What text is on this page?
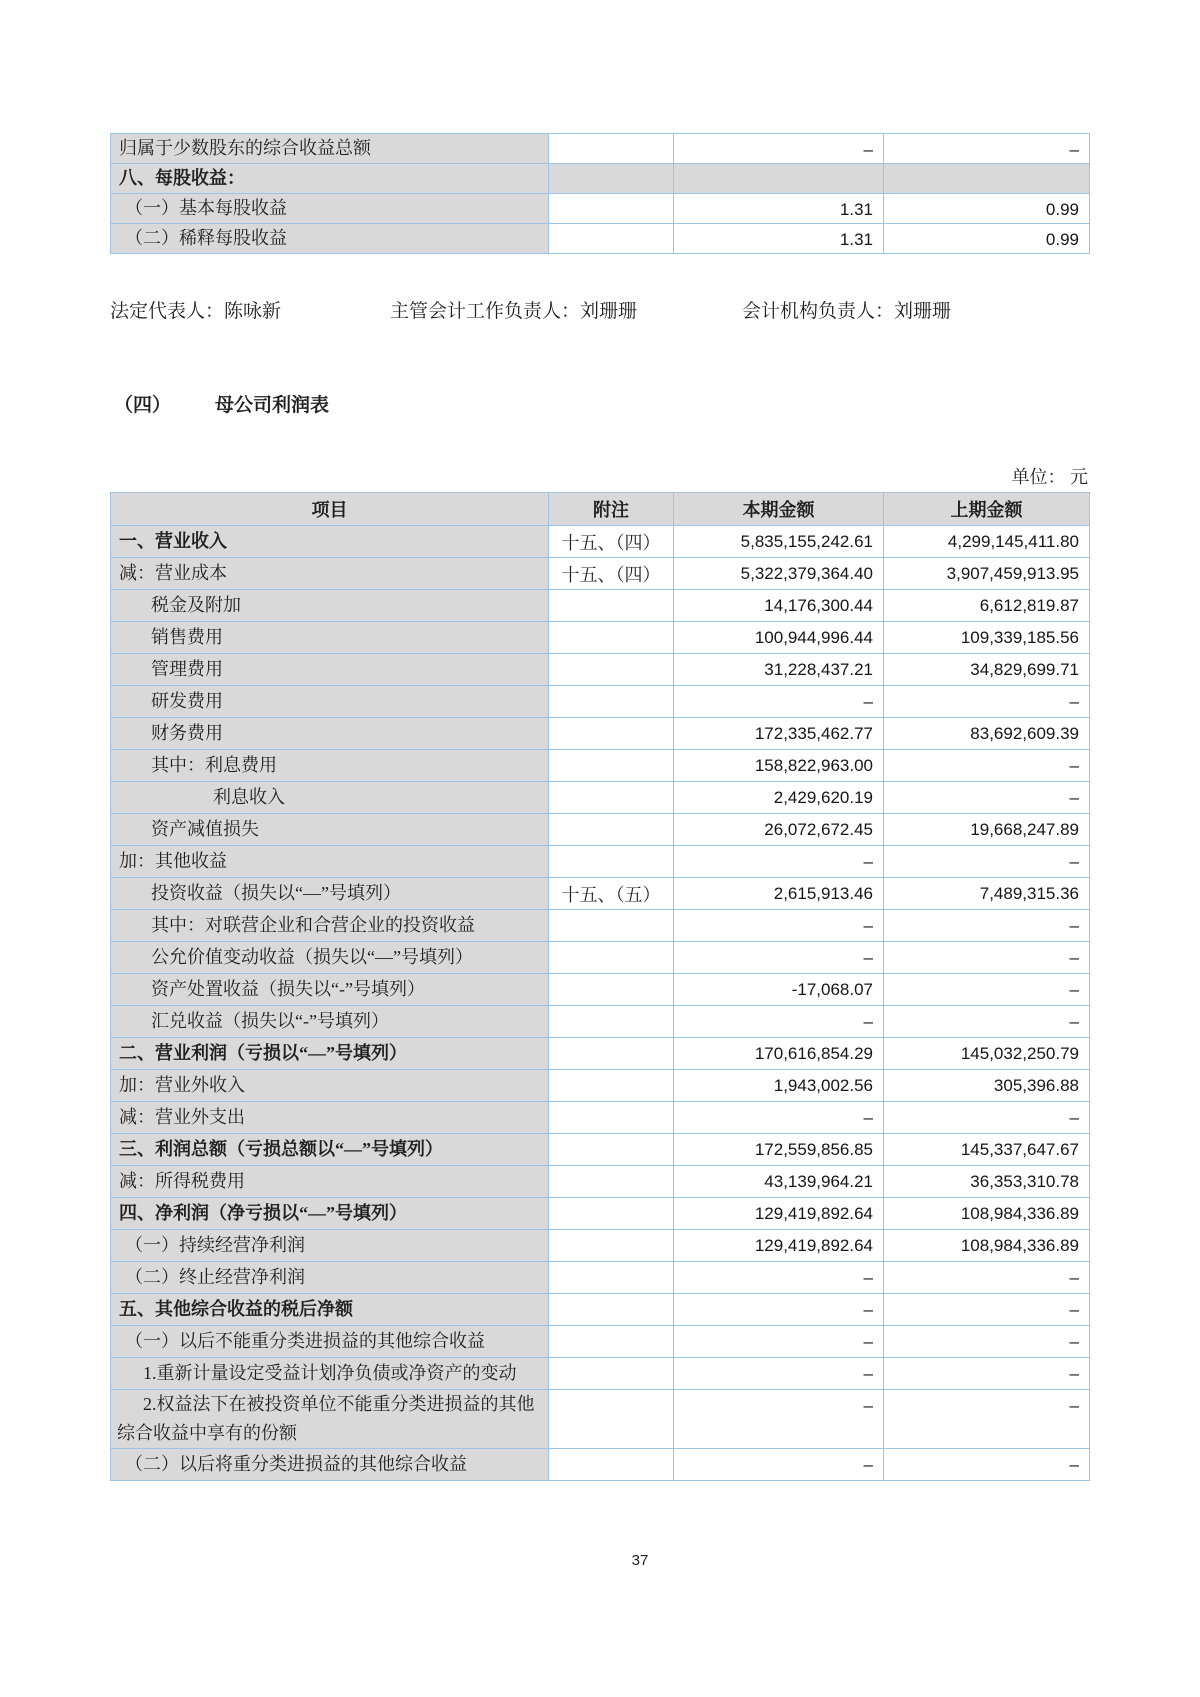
归属于少数股东的综合收益总额		–	–
八、每股收益：			
（一）基本每股收益		1.31	0.99
（二）稀释每股收益		1.31	0.99
法定代表人：陈咏新	主管会计工作负责人：刘珊珊	会计机构负责人：刘珊珊
（四） 母公司利润表
单位： 元
项目	附注	本期金额	上期金额
一、营业收入	十五、（四）	5,835,155,242.61	4,299,145,411.80
减：营业成本	十五、（四）	5,322,379,364.40	3,907,459,913.95
税金及附加		14,176,300.44	6,612,819.87
销售费用		100,944,996.44	109,339,185.56
管理费用		31,228,437.21	34,829,699.71
研发费用		–	–
财务费用		172,335,462.77	83,692,609.39
其中：利息费用		158,822,963.00	–
利息收入		2,429,620.19	–
资产减值损失		26,072,672.45	19,668,247.89
加：其他收益		–	–
投资收益（损失以“—”号填列）	十五、（五）	2,615,913.46	7,489,315.36
其中：对联营企业和合营企业的投资收益		–	–
公允价值变动收益（损失以“—”号填列）		–	–
资产处置收益（损失以“-”号填列）		-17,068.07	–
汇兑收益（损失以“-”号填列）		–	–
二、营业利润（亏损以“—”号填列）		170,616,854.29	145,032,250.79
加：营业外收入		1,943,002.56	305,396.88
减：营业外支出		–	–
三、利润总额（亏损总额以“—”号填列）		172,559,856.85	145,337,647.67
减：所得税费用		43,139,964.21	36,353,310.78
四、净利润（净亏损以“—”号填列）		129,419,892.64	108,984,336.89
（一）持续经营净利润		129,419,892.64	108,984,336.89
（二）终止经营净利润		–	–
五、其他综合收益的税后净额		–	–
（一）以后不能重分类进损益的其他综合收益		–	–
1.重新计量设定受益计划净负债或净资产的变动		–	–
2.权益法下在被投资单位不能重分类进损益的其他综合收益中享有的份额		–	–
（二）以后将重分类进损益的其他综合收益		–	–
37
